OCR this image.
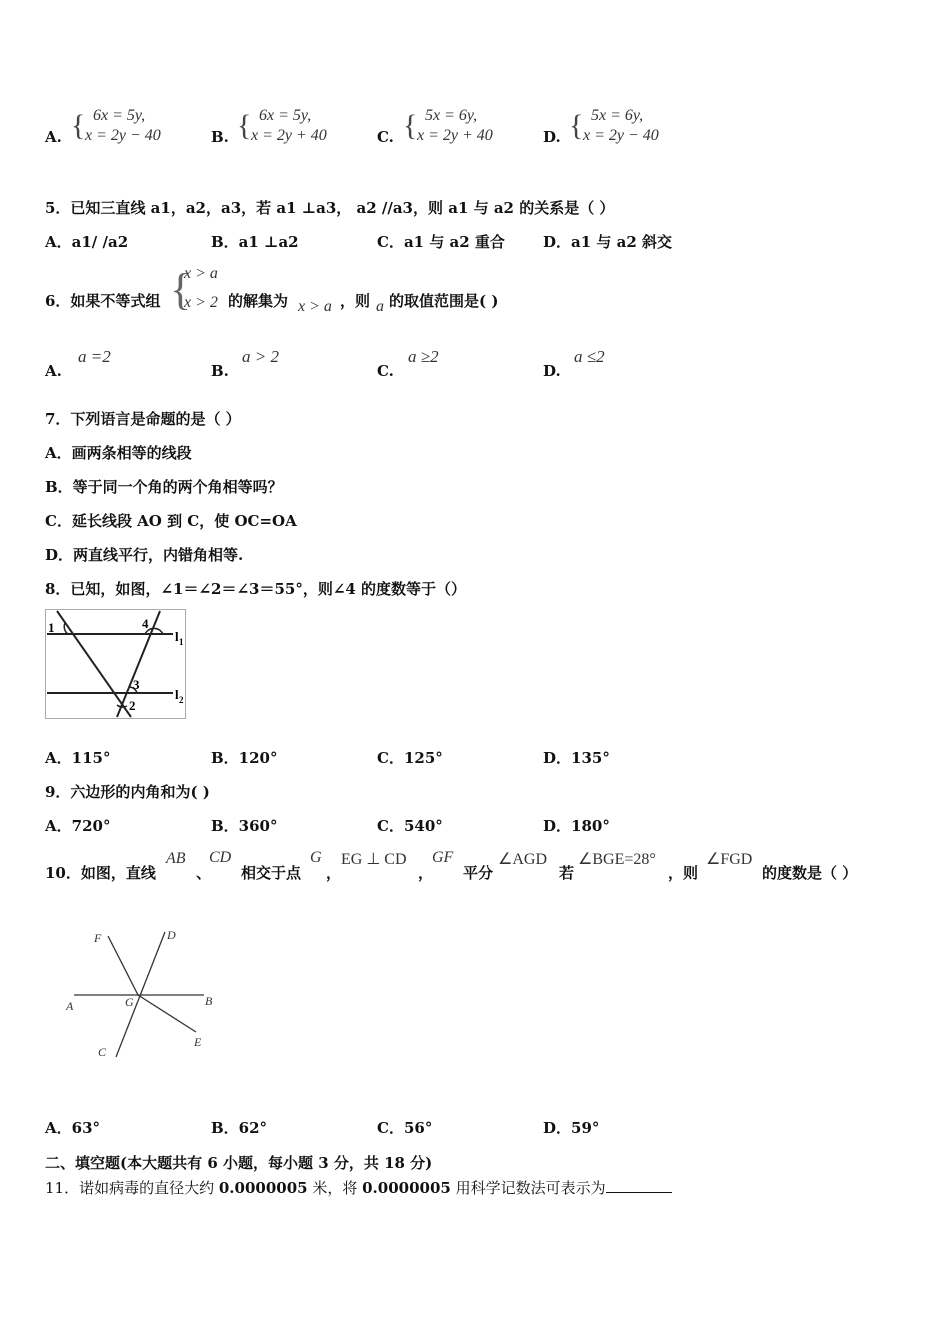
A. { 6x = 5y,
x = 2y − 40	B. { 6x = 5y,
x = 2y + 40	C. { 5x = 6y,
x = 2y + 40	D. { 5x = 6y,
x = 2y − 40
5．已知三直线 a1，a2，a3，若 a1 ⊥a3， a2 //a3，则 a1 与 a2 的关系是（ ）
A．a1/ /a2	B．a1 ⊥a2	C．a1 与 a2 重合	D．a1 与 a2 斜交
6．如果不等式组 {
x > a
x > 2 的解集为 x > a ，则 a 的取值范围是( )
A.
a =2
B.
a > 2
C.
a ≥2
D.
a ≤2
7．下列语言是命题的是（ ）
A．画两条相等的线段
B．等于同一个角的两个角相等吗？
C．延长线段 AO 到 C，使 OC=OA
D．两直线平行，内错角相等.
8．已知，如图，∠1＝∠2＝∠3＝55°，则∠4 的度数等于（）
1	4
3
2
l 1
l 2
A．115°	B．120°	C．125°	D．135°
9．六边形的内角和为( )
A．720°	B．360°	C．540°	D．180°
10．如图，直线
AB
、
CD
相交于点
G
，
EG ⊥ CD
，
GF
平分
∠AGD
若
∠BGE=28°
，则
∠FGD
的度数是（ ）
F	D
A	G	B
C
E
A．63°	B．62°	C．56°	D．59°
二、填空题(本大题共有 6 小题，每小题 3 分，共 18 分)
11．诺如病毒的直径大约 0.0000005 米，将 0.0000005 用科学记数法可表示为
